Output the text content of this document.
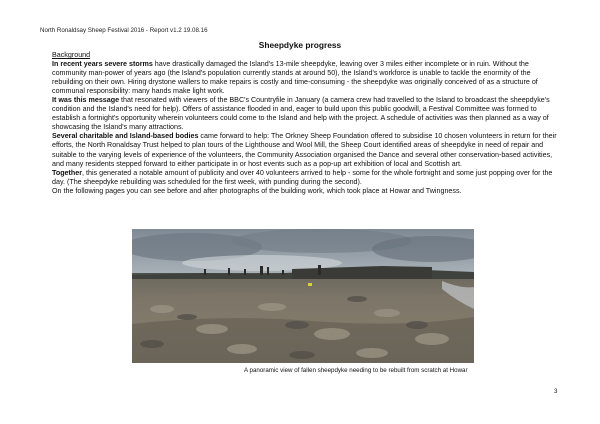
North Ronaldsay Sheep Festival 2016 - Report v1.2 19.08.16
Sheepdyke progress

Background

In recent years severe storms have drastically damaged the Island's 13-mile sheepdyke, leaving over 3 miles either incomplete or in ruin. Without the community man-power of years ago (the Island's population currently stands at around 50), the Island's workforce is unable to tackle the enormity of the rebuilding on their own. Hiring drystone wallers to make repairs is costly and time-consuming - the sheepdyke was originally conceived of as a structure of communal responsibility: many hands make light work.

It was this message that resonated with viewers of the BBC's Countryfile in January (a camera crew had travelled to the Island to broadcast the sheepdyke's condition and the Island's need for help). Offers of assistance flooded in and, eager to build upon this public goodwill, a Festival Committee was formed to establish a fortnight's opportunity wherein volunteers could come to the Island and help with the project. A schedule of activities was then planned as a way of showcasing the Island's many attractions.

Several charitable and Island-based bodies came forward to help: The Orkney Sheep Foundation offered to subsidise 10 chosen volunteers in return for their efforts, the North Ronaldsay Trust helped to plan tours of the Lighthouse and Wool Mill, the Sheep Court identified areas of sheepdyke in need of repair and suitable to the varying levels of experience of the volunteers, the Community Association organised the Dance and several other conservation-based activities, and many residents stepped forward to either participate in or host events such as a pop-up art exhibition of local and Scottish art.

Together, this generated a notable amount of publicity and over 40 volunteers arrived to help - some for the whole fortnight and some just popping over for the day. (The sheepdyke rebuilding was scheduled for the first week, with punding during the second).

On the following pages you can see before and after photographs of the building work, which took place at Howar and Twingness.

A panoramic view of fallen sheepdyke needing to be rebuilt from scratch at Howar
3
